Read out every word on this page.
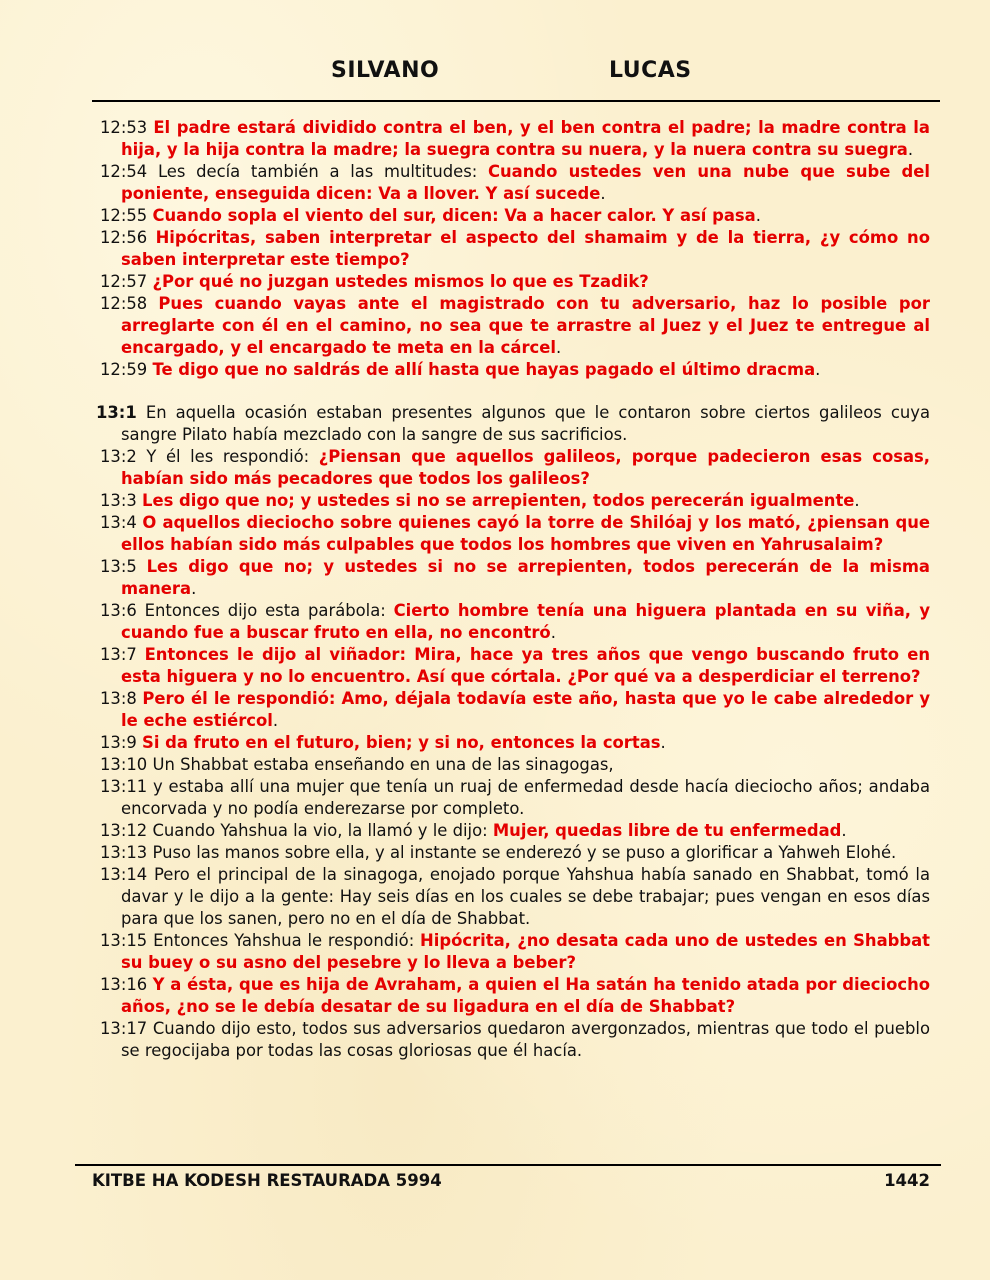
SILVANO	LUCAS

12:53 El padre estará dividido contra el ben, y el ben contra el padre; la madre contra la hija, y la hija contra la madre; la suegra contra su nuera, y la nuera contra su suegra.

12:54 Les decía también a las multitudes: Cuando ustedes ven una nube que sube del poniente, enseguida dicen: Va a llover. Y así sucede.

12:55 Cuando sopla el viento del sur, dicen: Va a hacer calor. Y así pasa.

12:56 Hipócritas, saben interpretar el aspecto del shamaim y de la tierra, ¿y cómo no saben interpretar este tiempo?

12:57 ¿Por qué no juzgan ustedes mismos lo que es Tzadik?

12:58 Pues cuando vayas ante el magistrado con tu adversario, haz lo posible por arreglarte con él en el camino, no sea que te arrastre al Juez y el Juez te entregue al encargado, y el encargado te meta en la cárcel.

12:59 Te digo que no saldrás de allí hasta que hayas pagado el último dracma.

13:1 En aquella ocasión estaban presentes algunos que le contaron sobre ciertos galileos cuya sangre Pilato había mezclado con la sangre de sus sacrificios.

13:2 Y él les respondió: ¿Piensan que aquellos galileos, porque padecieron esas cosas, habían sido más pecadores que todos los galileos?

13:3 Les digo que no; y ustedes si no se arrepienten, todos perecerán igualmente.

13:4 O aquellos dieciocho sobre quienes cayó la torre de Shilóaj y los mató, ¿piensan que ellos habían sido más culpables que todos los hombres que viven en Yahrusalaim?

13:5 Les digo que no; y ustedes si no se arrepienten, todos perecerán de la misma manera.

13:6 Entonces dijo esta parábola: Cierto hombre tenía una higuera plantada en su viña, y cuando fue a buscar fruto en ella, no encontró.

13:7 Entonces le dijo al viñador: Mira, hace ya tres años que vengo buscando fruto en esta higuera y no lo encuentro. Así que córtala. ¿Por qué va a desperdiciar el terreno?

13:8 Pero él le respondió: Amo, déjala todavía este año, hasta que yo le cabe alrededor y le eche estiércol.

13:9 Si da fruto en el futuro, bien; y si no, entonces la cortas.

13:10 Un Shabbat estaba enseñando en una de las sinagogas,

13:11 y estaba allí una mujer que tenía un ruaj de enfermedad desde hacía dieciocho años; andaba encorvada y no podía enderezarse por completo.

13:12 Cuando Yahshua la vio, la llamó y le dijo: Mujer, quedas libre de tu enfermedad.

13:13 Puso las manos sobre ella, y al instante se enderezó y se puso a glorificar a Yahweh Elohé.

13:14 Pero el principal de la sinagoga, enojado porque Yahshua había sanado en Shabbat, tomó la davar y le dijo a la gente: Hay seis días en los cuales se debe trabajar; pues vengan en esos días para que los sanen, pero no en el día de Shabbat.

13:15 Entonces Yahshua le respondió: Hipócrita, ¿no desata cada uno de ustedes en Shabbat su buey o su asno del pesebre y lo lleva a beber?

13:16 Y a ésta, que es hija de Avraham, a quien el Ha satán ha tenido atada por dieciocho años, ¿no se le debía desatar de su ligadura en el día de Shabbat?

13:17 Cuando dijo esto, todos sus adversarios quedaron avergonzados, mientras que todo el pueblo se regocijaba por todas las cosas gloriosas que él hacía.

KITBE HA KODESH RESTAURADA 5994	1442
